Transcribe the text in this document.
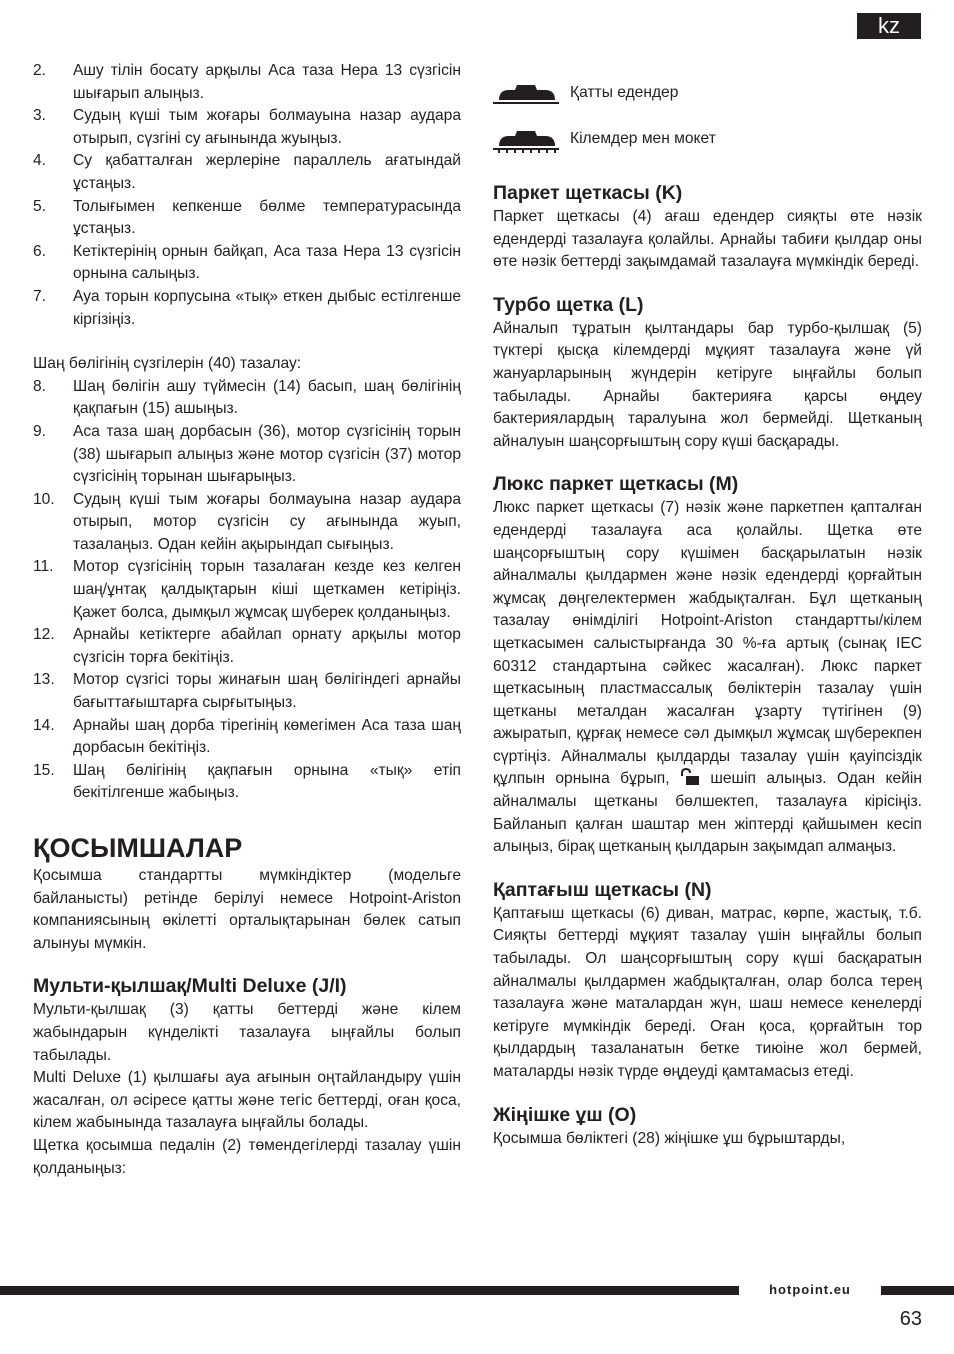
kz
2.	Ашу тілін босату арқылы Аса таза Hepa 13 сүзгісін шығарып алыңыз.
3.	Судың күші тым жоғары болмауына назар аудара отырып, сүзгіні су ағынында жуыңыз.
4.	Су қабатталған жерлеріне параллель ағатындай ұстаңыз.
5.	Толығымен кепкенше бөлме температурасында ұстаңыз.
6.	Кетіктерінің орнын байқап, Аса таза Hepa 13 сүзгісін орнына салыңыз.
7.	Ауа торын корпусына «тық» еткен дыбыс естілгенше кіргізіңіз.

Шаң бөлігінің сүзгілерін (40) тазалау:

8.	Шаң бөлігін ашу түймесін (14) басып, шаң бөлігінің қақпағын (15) ашыңыз.
9.	Аса таза шаң дорбасын (36), мотор сүзгісінің торын (38) шығарып алыңыз және мотор сүзгісін (37) мотор сүзгісінің торынан шығарыңыз.
10. Судың күші тым жоғары болмауына назар аудара отырып, мотор сүзгісін су ағынында жуып, тазалаңыз. Одан кейін ақырындап сығыңыз.
11. Мотор сүзгісінің торын тазалаған кезде кез келген шаң/ұнтақ қалдықтарын кіші щеткамен кетіріңіз. Қажет болса, дымқыл жұмсақ шүберек қолданыңыз.
12. Арнайы кетіктерге абайлап орнату арқылы мотор сүзгісін торға бекітіңіз.
13. Мотор сүзгісі торы жинағын шаң бөлігіндегі арнайы бағыттағыштарға сырғытыңыз.
14. Арнайы шаң дорба тірегінің көмегімен Аса таза шаң дорбасын бекітіңіз.
15. Шаң бөлігінің қақпағын орнына «тық» етіп бекітілгенше жабыңыз.
ҚОСЫМШАЛАР

Қосымша стандартты мүмкіндіктер (модельге байланысты) ретінде берілуі немесе Hotpoint-Ariston компаниясының өкілетті орталықтарынан бөлек сатып алынуы мүмкін.

Мульти-қылшақ/Multi Deluxe (J/I)

Мульти-қылшақ (3) қатты беттерді және кілем жабындарын күнделікті тазалауға ыңғайлы болып табылады.

Multi Deluxe (1) қылшағы ауа ағынын оңтайландыру үшін жасалған, ол әсіресе қатты және тегіс беттерді, оған қоса, кілем жабынында тазалауға ыңғайлы болады.

Щетка қосымша педалін (2) төмендегілерді тазалау үшін қолданыңыз:

Қатты едендер
Кілемдер мен мокет
Паркет щеткасы (K)

Паркет щеткасы (4) ағаш едендер сияқты өте нәзік едендерді тазалауға қолайлы. Арнайы табиғи қылдар оны өте нәзік беттерді зақымдамай тазалауға мүмкіндік береді.

Турбо щетка (L)

Айналып тұратын қылтандары бар турбо-қылшақ (5) түктері қысқа кілемдерді мұқият тазалауға және үй жануарларының жүндерін кетіруге ыңғайлы болып табылады. Арнайы бактерияға қарсы өңдеу бактериялардың таралуына жол бермейді. Щетканың айналуын шаңсорғыштың сору күші басқарады.

Люкс паркет щеткасы (M)

Люкс паркет щеткасы (7) нәзік және паркетпен қапталған едендерді тазалауға аса қолайлы. Щетка өте шаңсорғыштың сору күшімен басқарылатын нәзік айналмалы қылдармен және нәзік едендерді қорғайтын жұмсақ дөңгелектермен жабдықталған. Бұл щетканың тазалау өнімділігі Hotpoint-Ariston стандартты/кілем щеткасымен салыстырғанда 30 %-ға артық (сынақ IEC 60312 стандартына сәйкес жасалған). Люкс паркет щеткасының пластмассалық бөліктерін тазалау үшін щетканы металдан жасалған ұзарту түтігінен (9) ажыратып, құрғақ немесе сәл дымқыл жұмсақ шүберекпен сүртіңіз. Айналмалы қылдарды тазалау үшін қауіпсіздік құлпын орнына бұрып,	шешіп алыңыз. Одан кейін айналмалы щетканы бөлшектеп, тазалауға кірісіңіз. Байланып қалған шаштар мен жіптерді қайшымен кесіп алыңыз, бірақ щетканың қылдарын зақымдап алмаңыз.

Қаптағыш щеткасы (N)

Қаптағыш щеткасы (6) диван, матрас, көрпе, жастық, т.б. Сияқты беттерді мұқият тазалау үшін ыңғайлы болып табылады. Ол шаңсорғыштың сору күші басқаратын айналмалы қылдармен жабдықталған, олар болса терең тазалауға және маталардан жүн, шаш немесе кенелерді кетіруге мүмкіндік береді. Оған қоса, қорғайтын тор қылдардың тазаланатын бетке тиюіне жол бермей, маталарды нәзік түрде өңдеуді қамтамасыз етеді.

Жіңішке ұш (O)

Қосымша бөліктегі (28) жіңішке ұш бұрыштарды,

hotpoint.eu
63
